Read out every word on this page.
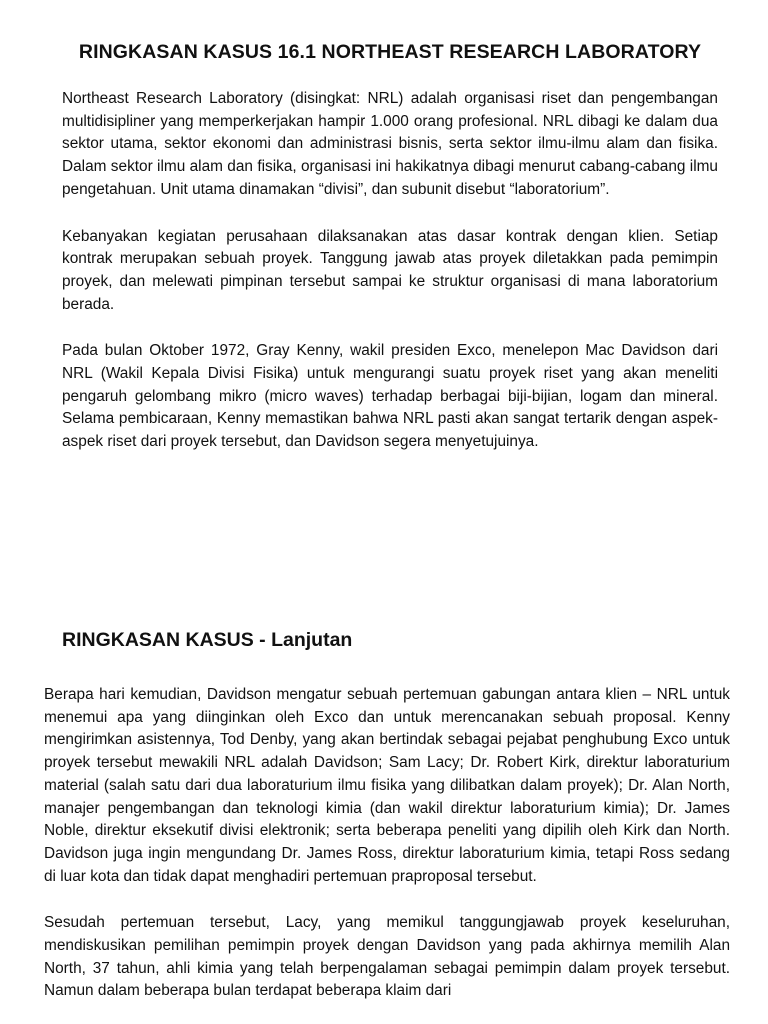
RINGKASAN KASUS 16.1 NORTHEAST RESEARCH LABORATORY

Northeast Research Laboratory (disingkat: NRL) adalah organisasi riset dan pengembangan multidisipliner yang memperkerjakan hampir 1.000 orang profesional. NRL dibagi ke dalam dua sektor utama, sektor ekonomi dan administrasi bisnis, serta sektor ilmu-ilmu alam dan fisika. Dalam sektor ilmu alam dan fisika, organisasi ini hakikatnya dibagi menurut cabang-cabang ilmu pengetahuan. Unit utama dinamakan “divisi”, dan subunit disebut “laboratorium”.

Kebanyakan kegiatan perusahaan dilaksanakan atas dasar kontrak dengan klien. Setiap kontrak merupakan sebuah proyek. Tanggung jawab atas proyek diletakkan pada pemimpin proyek, dan melewati pimpinan tersebut sampai ke struktur organisasi di mana laboratorium berada.

Pada bulan Oktober 1972, Gray Kenny, wakil presiden Exco, menelepon Mac Davidson dari NRL (Wakil Kepala Divisi Fisika) untuk mengurangi suatu proyek riset yang akan meneliti pengaruh gelombang mikro (micro waves) terhadap berbagai biji-bijian, logam dan mineral. Selama pembicaraan, Kenny memastikan bahwa NRL pasti akan sangat tertarik dengan aspek-aspek riset dari proyek tersebut, dan Davidson segera menyetujuinya.

RINGKASAN KASUS - Lanjutan

Berapa hari kemudian, Davidson mengatur sebuah pertemuan gabungan antara klien – NRL untuk menemui apa yang diinginkan oleh Exco dan untuk merencanakan sebuah proposal. Kenny mengirimkan asistennya, Tod Denby, yang akan bertindak sebagai pejabat penghubung Exco untuk proyek tersebut mewakili NRL adalah Davidson; Sam Lacy; Dr. Robert Kirk, direktur laboraturium material (salah satu dari dua laboraturium ilmu fisika yang dilibatkan dalam proyek); Dr. Alan North, manajer pengembangan dan teknologi kimia (dan wakil direktur laboraturium kimia); Dr. James Noble, direktur eksekutif divisi elektronik; serta beberapa peneliti yang dipilih oleh Kirk dan North. Davidson juga ingin mengundang Dr. James Ross, direktur laboraturium kimia, tetapi Ross sedang di luar kota dan tidak dapat menghadiri pertemuan praproposal tersebut.

Sesudah pertemuan tersebut, Lacy, yang memikul tanggungjawab proyek keseluruhan, mendiskusikan pemilihan pemimpin proyek dengan Davidson yang pada akhirnya memilih Alan North, 37 tahun, ahli kimia yang telah berpengalaman sebagai pemimpin dalam proyek tersebut. Namun dalam beberapa bulan terdapat beberapa klaim dari
